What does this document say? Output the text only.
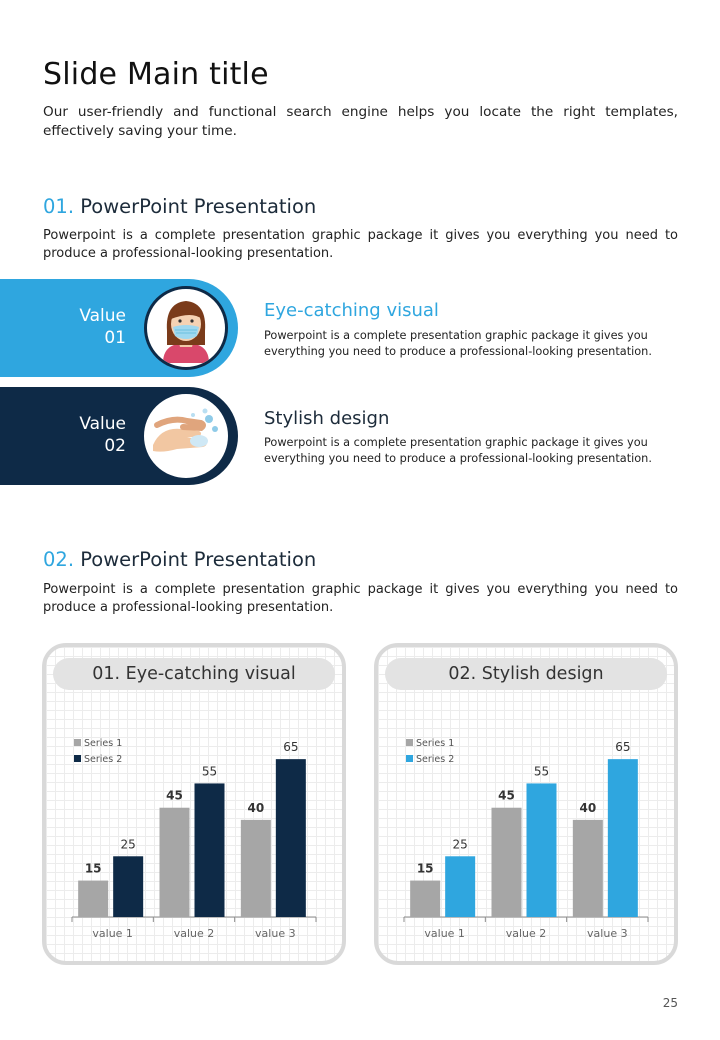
Slide Main title

Our user-friendly and functional search engine helps you locate the right templates, effectively saving your time.

01. PowerPoint Presentation

Powerpoint is a complete presentation graphic package it gives you everything you need to produce a professional-looking presentation.

Value
01
Eye-catching visual

Powerpoint is a complete presentation graphic package it gives you everything you need to produce a professional-looking presentation.

Value
02
Stylish design

Powerpoint is a complete presentation graphic package it gives you everything you need to produce a professional-looking presentation.

02. PowerPoint Presentation

Powerpoint is a complete presentation graphic package it gives you everything you need to produce a professional-looking presentation.

01. Eye-catching visual
15
25
value 1
45
55
value 2
40
65
value 3
Series 1
Series 2
02. Stylish design
15
25
value 1
45
55
value 2
40
65
value 3
Series 1
Series 2
25
